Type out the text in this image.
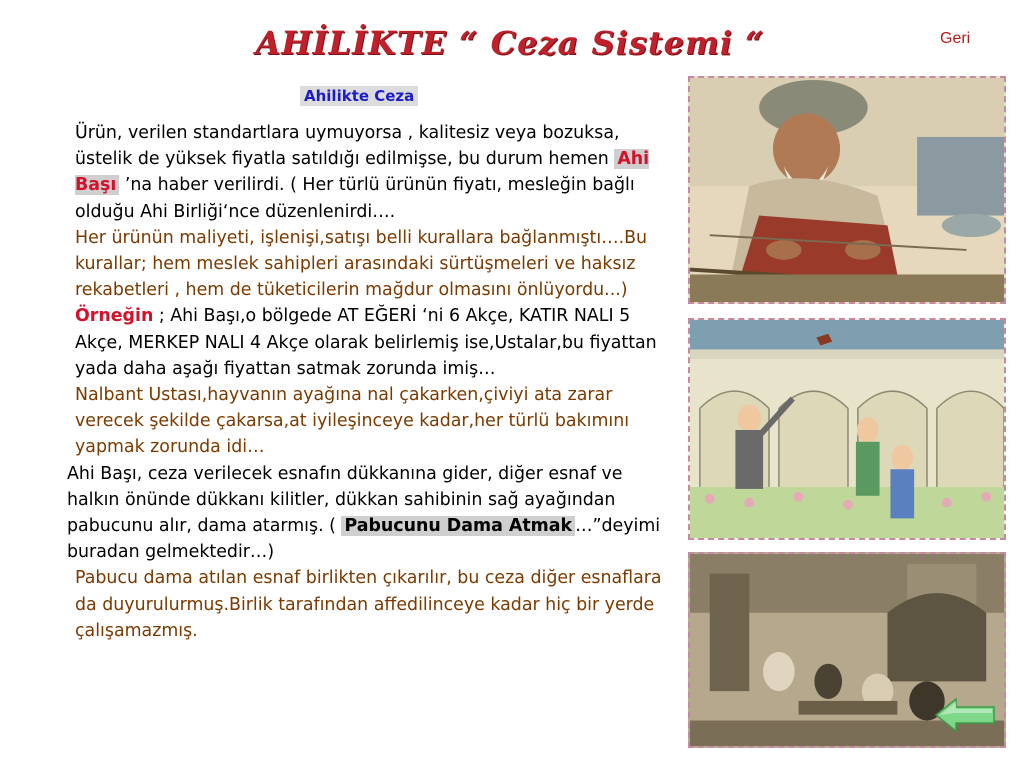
AHİLİKTE “ Ceza Sistemi “	Geri
Ahilikte Ceza

Ürün, verilen standartlara uymuyorsa , kalitesiz veya bozuksa, üstelik de yüksek fiyatla satıldığı edilmişse, bu durum hemen Ahi Başı ’na haber verilirdi. ( Her türlü ürünün fiyatı, mesleğin bağlı olduğu Ahi Birliği‘nce düzenlenirdi….

Her ürünün maliyeti, işlenişi,satışı belli kurallara bağlanmıştı….Bu kurallar; hem meslek sahipleri arasındaki sürtüşmeleri ve haksız rekabetleri , hem de tüketicilerin mağdur olmasını önlüyordu...)

Örneğin ; Ahi Başı,o bölgede AT EĞERİ ‘ni 6 Akçe, KATIR NALI 5 Akçe, MERKEP NALI 4 Akçe olarak belirlemiş ise,Ustalar,bu fiyattan yada daha aşağı fiyattan satmak zorunda imiş…

Nalbant Ustası,hayvanın ayağına nal çakarken,çiviyi ata zarar verecek şekilde çakarsa,at iyileşinceye kadar,her türlü bakımını yapmak zorunda idi…

Ahi Başı, ceza verilecek esnafın dükkanına gider, diğer esnaf ve halkın önünde dükkanı kilitler, dükkan sahibinin sağ ayağından pabucunu alır, dama atarmış. ( Pabucunu Dama Atmak …”deyimi buradan gelmektedir…)

Pabucu dama atılan esnaf birlikten çıkarılır, bu ceza diğer esnaflara da duyurulurmuş.Birlik tarafından affedilinceye kadar hiç bir yerde çalışamazmış.
